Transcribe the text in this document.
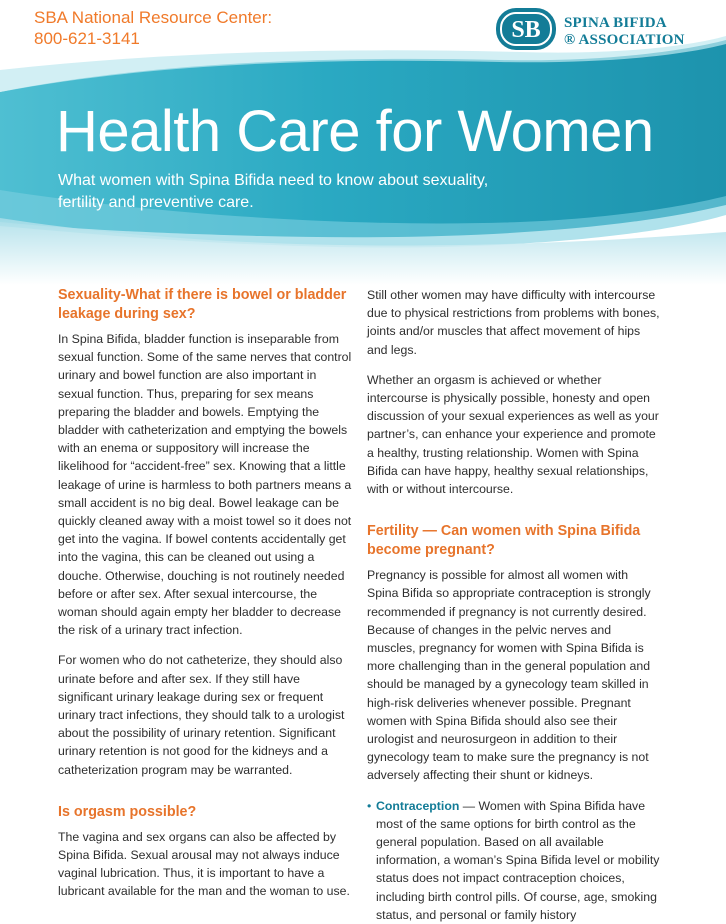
SBA National Resource Center:
800-621-3141	SB SPINA BIFIDA
® ASSOCIATION
Health Care for Women
What women with Spina Bifida need to know about sexuality, fertility and preventive care.
Sexuality-What if there is bowel or bladder leakage during sex?

In Spina Bifida, bladder function is inseparable from sexual function. Some of the same nerves that control urinary and bowel function are also important in sexual function. Thus, preparing for sex means preparing the bladder and bowels. Emptying the bladder with catheterization and emptying the bowels with an enema or suppository will increase the likelihood for “accident-free” sex. Knowing that a little leakage of urine is harmless to both partners means a small accident is no big deal. Bowel leakage can be quickly cleaned away with a moist towel so it does not get into the vagina. If bowel contents accidentally get into the vagina, this can be cleaned out using a douche. Otherwise, douching is not routinely needed before or after sex. After sexual intercourse, the woman should again empty her bladder to decrease the risk of a urinary tract infection.

For women who do not catheterize, they should also urinate before and after sex. If they still have significant urinary leakage during sex or frequent urinary tract infections, they should talk to a urologist about the possibility of urinary retention. Significant urinary retention is not good for the kidneys and a catheterization program may be warranted.

Is orgasm possible?

The vagina and sex organs can also be affected by Spina Bifida. Sexual arousal may not always induce vaginal lubrication. Thus, it is important to have a lubricant available for the man and the woman to use.

Still other women may have difficulty with intercourse due to physical restrictions from problems with bones, joints and/or muscles that affect movement of hips and legs.

Whether an orgasm is achieved or whether intercourse is physically possible, honesty and open discussion of your sexual experiences as well as your partner’s, can enhance your experience and promote a healthy, trusting relationship. Women with Spina Bifida can have happy, healthy sexual relationships, with or without intercourse.

Fertility — Can women with Spina Bifida become pregnant?

Pregnancy is possible for almost all women with Spina Bifida so appropriate contraception is strongly recommended if pregnancy is not currently desired. Because of changes in the pelvic nerves and muscles, pregnancy for women with Spina Bifida is more challenging than in the general population and should be managed by a gynecology team skilled in high-risk deliveries whenever possible. Pregnant women with Spina Bifida should also see their urologist and neurosurgeon in addition to their gynecology team to make sure the pregnancy is not adversely affecting their shunt or kidneys.

• Contraception — Women with Spina Bifida have most of the same options for birth control as the general population. Based on all available information, a woman’s Spina Bifida level or mobility status does not impact contraception choices, including birth control pills. Of course, age, smoking status, and personal or family history
